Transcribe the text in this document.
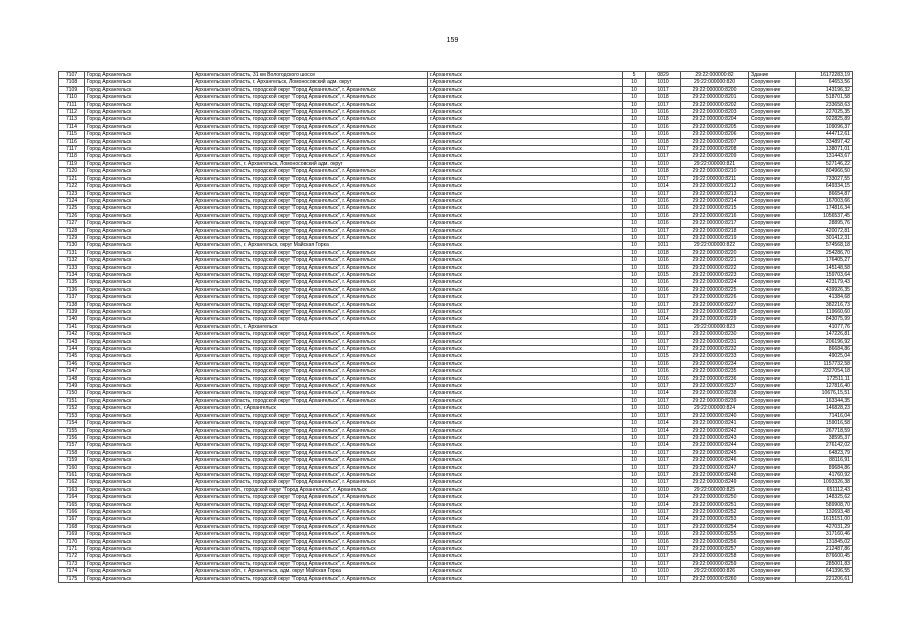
159
7107	Город Архангельск	Архангельская область, 31 км Вологодского шоссе	г.Архангельск	5	0829	29:22:000000:82	Здание	16172283,19
7108	Город Архангельск	Архангельская область, г. Архангельск, Ломоносовский адм. округ	г.Архангельск	10	1010	29:22:000000:820	Сооружение	64653,56
7109	Город Архангельск	Архангельская область, городской округ "Город Архангельск", г. Архангельск	г.Архангельск	10	1017	29:22:000000:8200	Сооружение	143196,32
7110	Город Архангельск	Архангельская область, городской округ "Город Архангельск", г. Архангельск	г.Архангельск	10	1018	29:22:000000:8201	Сооружение	518701,58
7111	Город Архангельск	Архангельская область, городской округ "Город Архангельск", г. Архангельск	г.Архангельск	10	1017	29:22:000000:8202	Сооружение	233658,63
7112	Город Архангельск	Архангельская область, городской округ "Город Архангельск", г. Архангельск	г.Архангельск	10	1016	29:22:000000:8203	Сооружение	227025,35
7113	Город Архангельск	Архангельская область, городской округ "Город Архангельск", г. Архангельск	г.Архангельск	10	1018	29:22:000000:8204	Сооружение	922825,89
7114	Город Архангельск	Архангельская область, городской округ "Город Архангельск", г. Архангельск	г.Архангельск	10	1016	29:22:000000:8205	Сооружение	109096,37
7115	Город Архангельск	Архангельская область, городской округ "Город Архангельск", г. Архангельск	г.Архангельск	10	1016	29:22:000000:8206	Сооружение	444712,61
7116	Город Архангельск	Архангельская область, городской округ "Город Архангельск", г. Архангельск	г.Архангельск	10	1018	29:22:000000:8207	Сооружение	334897,42
7117	Город Архангельск	Архангельская область, городской округ "Город Архангельск", г. Архангельск	г.Архангельск	10	1017	29:22:000000:8208	Сооружение	138071,01
7118	Город Архангельск	Архангельская область, городской округ "Город Архангельск", г. Архангельск	г.Архангельск	10	1017	29:22:000000:8209	Сооружение	131443,67
7119	Город Архангельск	Архангельская обл., г. Архангельск, Ломоносовский адм. округ	г.Архангельск	10	1010	29:22:000000:821	Сооружение	527146,22
7120	Город Архангельск	Архангельская область, городской округ "Город Архангельск", г. Архангельск	г.Архангельск	10	1018	29:22:000000:8210	Сооружение	804966,50
7121	Город Архангельск	Архангельская область, городской округ "Город Архангельск", г. Архангельск	г.Архангельск	10	1017	29:22:000000:8211	Сооружение	733027,55
7122	Город Архангельск	Архангельская область, городской округ "Город Архангельск", г. Архангельск	г.Архангельск	10	1014	29:22:000000:8212	Сооружение	649334,15
7123	Город Архангельск	Архангельская область, городской округ "Город Архангельск", г. Архангельск	г.Архангельск	10	1017	29:22:000000:8213	Сооружение	86654,87
7124	Город Архангельск	Архангельская область, городской округ "Город Архангельск", г. Архангельск	г.Архангельск	10	1016	29:22:000000:8214	Сооружение	167003,66
7125	Город Архангельск	Архангельская область, городской округ "Город Архангельск", г. Архангельск	г.Архангельск	10	1016	29:22:000000:8215	Сооружение	174816,34
7126	Город Архангельск	Архангельская область, городской округ "Город Архангельск", г. Архангельск	г.Архангельск	10	1016	29:22:000000:8216	Сооружение	1056537,45
7127	Город Архангельск	Архангельская область, городской округ "Город Архангельск", г. Архангельск	г.Архангельск	10	1016	29:22:000000:8217	Сооружение	28895,76
7128	Город Архангельск	Архангельская область, городской округ "Город Архангельск", г. Архангельск	г.Архангельск	10	1017	29:22:000000:8218	Сооружение	420072,81
7129	Город Архангельск	Архангельская область, городской округ "Город Архангельск", г. Архангельск	г.Архангельск	10	1017	29:22:000000:8219	Сооружение	301412,31
7130	Город Архангельск	Архангельская обл., г. Архангельск, округ Майская Горка	г.Архангельск	10	1011	29:22:000000:822	Сооружение	574568,18
7131	Город Архангельск	Архангельская область, городской округ "Город Архангельск", г. Архангельск	г.Архангельск	10	1018	29:22:000000:8220	Сооружение	254286,70
7132	Город Архангельск	Архангельская область, городской округ "Город Архангельск", г. Архангельск	г.Архангельск	10	1016	29:22:000000:8221	Сооружение	176405,27
7133	Город Архангельск	Архангельская область, городской округ "Город Архангельск", г. Архангельск	г.Архангельск	10	1016	29:22:000000:8222	Сооружение	145148,58
7134	Город Архангельск	Архангельская область, городской округ "Город Архангельск", г. Архангельск	г.Архангельск	10	1015	29:22:000000:8223	Сооружение	159703,64
7135	Город Архангельск	Архангельская область, городской округ "Город Архангельск", г. Архангельск	г.Архангельск	10	1016	29:22:000000:8224	Сооружение	423179,43
7136	Город Архангельск	Архангельская область, городской округ "Город Архангельск", г. Архангельск	г.Архангельск	10	1016	29:22:000000:8225	Сооружение	439926,35
7137	Город Архангельск	Архангельская область, городской округ "Город Архангельск", г. Архангельск	г.Архангельск	10	1017	29:22:000000:8226	Сооружение	41384,68
7138	Город Архангельск	Архангельская область, городской округ "Город Архангельск", г. Архангельск	г.Архангельск	10	1017	29:22:000000:8227	Сооружение	382216,73
7139	Город Архангельск	Архангельская область, городской округ "Город Архангельск", г. Архангельск	г.Архангельск	10	1017	29:22:000000:8228	Сооружение	119660,60
7140	Город Архангельск	Архангельская область, городской округ "Город Архангельск", г. Архангельск	г.Архангельск	10	1014	29:22:000000:8229	Сооружение	843075,99
7141	Город Архангельск	Архангельская обл., г. Архангельск	г.Архангельск	10	1011	29:22:000000:823	Сооружение	41077,76
7142	Город Архангельск	Архангельская область, городской округ "Город Архангельск", г. Архангельск	г.Архангельск	10	1017	29:22:000000:8230	Сооружение	147226,81
7143	Город Архангельск	Архангельская область, городской округ "Город Архангельск", г. Архангельск	г.Архангельск	10	1017	29:22:000000:8231	Сооружение	206196,92
7144	Город Архангельск	Архангельская область, городской округ "Город Архангельск", г. Архангельск	г.Архангельск	10	1017	29:22:000000:8232	Сооружение	86684,86
7145	Город Архангельск	Архангельская область, городской округ "Город Архангельск", г. Архангельск	г.Архангельск	10	1015	29:22:000000:8233	Сооружение	49025,04
7146	Город Архангельск	Архангельская область, городской округ "Город Архангельск", г. Архангельск	г.Архангельск	10	1016	29:22:000000:8234	Сооружение	1157732,58
7147	Город Архангельск	Архангельская область, городской округ "Город Архангельск", г. Архангельск	г.Архангельск	10	1016	29:22:000000:8235	Сооружение	2327054,18
7148	Город Архангельск	Архангельская область, городской округ "Город Архангельск", г. Архангельск	г.Архангельск	10	1016	29:22:000000:8236	Сооружение	172511,11
7149	Город Архангельск	Архангельская область, городской округ "Город Архангельск", г. Архангельск	г.Архангельск	10	1017	29:22:000000:8237	Сооружение	127816,40
7150	Город Архангельск	Архангельская область, городской округ "Город Архангельск", г. Архангельск	г.Архангельск	10	1014	29:22:000000:8238	Сооружение	10676,15,51
7151	Город Архангельск	Архангельская область, городской округ "Город Архангельск", г. Архангельск	г.Архангельск	10	1017	29:22:000000:8239	Сооружение	163344,35
7152	Город Архангельск	Архангельская обл., г.Архангельск	г.Архангельск	10	1010	29:22:000000:824	Сооружение	146828,23
7153	Город Архангельск	Архангельская область, городской округ "Город Архангельск", г. Архангельск	г.Архангельск	10	1017	29:22:000000:8240	Сооружение	71416,04
7154	Город Архангельск	Архангельская область, городской округ "Город Архангельск", г. Архангельск	г.Архангельск	10	1014	29:22:000000:8241	Сооружение	159016,58
7155	Город Архангельск	Архангельская область, городской округ "Город Архангельск", г. Архангельск	г.Архангельск	10	1014	29:22:000000:8242	Сооружение	267718,59
7156	Город Архангельск	Архангельская область, городской округ "Город Архангельск", г. Архангельск	г.Архангельск	10	1017	29:22:000000:8243	Сооружение	38595,37
7157	Город Архангельск	Архангельская область, городской округ "Город Архангельск", г. Архангельск	г.Архангельск	10	1014	29:22:000000:8244	Сооружение	276142,02
7158	Город Архангельск	Архангельская область, городской округ "Город Архангельск", г. Архангельск	г.Архангельск	10	1017	29:22:000000:8245	Сооружение	64823,79
7159	Город Архангельск	Архангельская область, городской округ "Город Архангельск", г. Архангельск	г.Архангельск	10	1017	29:22:000000:8246	Сооружение	88116,91
7160	Город Архангельск	Архангельская область, городской округ "Город Архангельск", г. Архангельск	г.Архангельск	10	1017	29:22:000000:8247	Сооружение	89684,86
7161	Город Архангельск	Архангельская область, городской округ "Город Архангельск", г. Архангельск	г.Архангельск	10	1017	29:22:000000:8248	Сооружение	41760,92
7162	Город Архангельск	Архангельская область, городской округ "Город Архангельск", г. Архангельск	г.Архангельск	10	1017	29:22:000000:8249	Сооружение	1093326,38
7163	Город Архангельск	Архангельская обл., городской округ "Город Архангельск", г. Архангельск	г.Архангельск	10	1010	29:22:000000:825	Сооружение	651112,43
7164	Город Архангельск	Архангельская область, городской округ "Город Архангельск", г. Архангельск	г.Архангельск	10	1014	29:22:000000:8250	Сооружение	148325,62
7165	Город Архангельск	Архангельская область, городской округ "Город Архангельск", г. Архангельск	г.Архангельск	10	1014	29:22:000000:8251	Сооружение	589908,70
7166	Город Архангельск	Архангельская область, городской округ "Город Архангельск", г. Архангельск	г.Архангельск	10	1017	29:22:000000:8252	Сооружение	132693,48
7167	Город Архангельск	Архангельская область, городской округ "Город Архангельск", г. Архангельск	г.Архангельск	10	1014	29:22:000000:8253	Сооружение	1615151,00
7168	Город Архангельск	Архангельская область, городской округ "Город Архангельск", г. Архангельск	г.Архангельск	10	1017	29:22:000000:8254	Сооружение	427031,29
7169	Город Архангельск	Архангельская область, городской округ "Город Архангельск", г. Архангельск	г.Архангельск	10	1016	29:22:000000:8255	Сооружение	317160,46
7170	Город Архангельск	Архангельская область, городской округ "Город Архангельск", г. Архангельск	г.Архангельск	10	1016	29:22:000000:8256	Сооружение	131845,02
7171	Город Архангельск	Архангельская область, городской округ "Город Архангельск", г. Архангельск	г.Архангельск	10	1017	29:22:000000:8257	Сооружение	212487,86
7172	Город Архангельск	Архангельская область, городской округ "Город Архангельск", г. Архангельск	г.Архангельск	10	1017	29:22:000000:8258	Сооружение	876600,45
7173	Город Архангельск	Архангельская область, городской округ "Город Архангельск", г. Архангельск	г.Архангельск	10	1017	29:22:000000:8259	Сооружение	285001,83
7174	Город Архангельск	Архангельская обл., г. Архангельск, адм. округ Майская Горка	г.Архангельск	10	1010	29:22:000000:826	Сооружение	641396,55
7175	Город Архангельск	Архангельская область, городской округ "Город Архангельск", г. Архангельск	г.Архангельск	10	1017	29:22:000000:8260	Сооружение	221206,61
